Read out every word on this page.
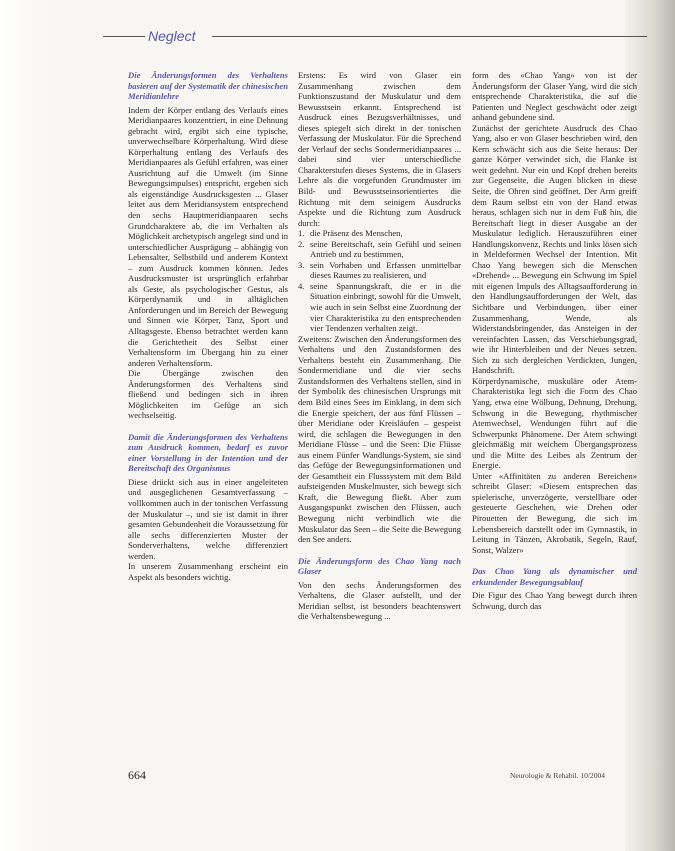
Neglect
Die Änderungsformen des Verhaltens basieren auf der Systematik der chinesischen Meridianlehre

Indem der Körper entlang des Verlaufs eines Meridianpaares konzentriert, in eine Dehnung gebracht wird, ergibt sich eine typische, unverwechselbare Körperhaltung. Wird diese Körperhaltung entlang des Verlaufs des Meridianpaares als Gefühl erfahren, was einer Ausrichtung auf die Umwelt (im Sinne Bewegungsimpulses) entspricht, ergeben sich als eigenständige Ausdrucksgesten ... Glaser leitet aus dem Meridiansystem entsprechend den sechs Hauptmeridianpaaren sechs Grundcharaktere ab, die im Verhalten als Möglichkeit archetypisch angelegt sind und in unterschiedlicher Ausprägung – abhängig von Lebensalter, Selbstbild und anderem Kontext – zum Ausdruck kommen können. Jedes Ausdrucksmuster ist ursprünglich erfahrbar als Geste, als psychologischer Gestus, als Körperdynamik und in alltäglichen Anforderungen und im Bereich der Bewegung und Sinnen wie Körper, Tanz, Sport und Alltagsgeste. Ebenso betrachtet werden kann die Gerichtetheit des Selbst einer Verhaltensform im Übergang hin zu einer anderen Verhaltensform.

Die Übergänge zwischen den Änderungsformen des Verhaltens sind fließend und bedingen sich in ihren Möglichkeiten im Gefüge an sich wechselseitig.

Damit die Änderungsformen des Verhaltens zum Ausdruck kommen, bedarf es zuvor einer Vorstellung in der Intention und der Bereitschaft des Organismus

Diese drückt sich aus in einer angeleiteten und ausgeglichenen Gesamtverfassung – vollkommen auch in der tonischen Verfassung der Muskulatur –, und sie ist damit in ihrer gesamten Gebundenheit die Voraussetzung für alle sechs differenzierten Muster der Sonderverhaltens, welche differenziert werden.

In unserem Zusammenhang erscheint ein Aspekt als besonders wichtig.

Erstens: Es wird von Glaser ein Zusammenhang zwischen dem Funktionszustand der Muskulatur und dem Bewusstsein erkannt. Entsprechend ist Ausdruck eines Bezugsverhältnisses, und dieses spiegelt sich direkt in der tonischen Verfassung der Muskulatur. Für die Sprechend der Verlauf der sechs Sondermeridianpaares ... dabei sind vier unterschiedliche Charakterstufen dieses Systems, die in Glasers Lehre als die vorgefunden Grundmuster im Bild- und Bewusstseinsorientiertes die Richtung mit dem seinigem Ausdrucks Aspekte und die Richtung zum Ausdruck durch:

1. die Präsenz des Menschen,
2. seine Bereitschaft, sein Gefühl und seinen Antrieb und zu bestimmen,
3. sein Vorhaben und Erfassen unmittelbar dieses Raumes zu realisieren, und
4. seine Spannungskraft, die er in die Situation einbringt, sowohl für die Umwelt, wie auch in sein Selbst eine Zuordnung der vier Charakteristika zu den entsprechenden vier Tendenzen verhalten zeigt.

Zweitens: Zwischen den Änderungsformen des Verhaltens und den Zustandsformen des Verhaltens besteht ein Zusammenhang. Die Sondermeridiane und die vier sechs Zustandsformen des Verhaltens stellen, sind in der Symbolik des chinesischen Ursprungs mit dem Bild eines Sees im Einklang, in dem sich die Energie speichert, der aus fünf Flüssen – über Meridiane oder Kreisläufen – gespeist wird, die schlagen die Bewegungen in den Meridiane Flüsse – und die Seen: Die Flüsse aus einem Fünfer Wandlungs-System, sie sind das Gefüge der Bewegungsinformationen und der Gesamtheit ein Flusssystem mit dem Bild aufsteigenden Muskelmuster, sich bewegt sich Kraft, die Bewegung fließt. Aber zum Ausgangspunkt zwischen den Flüssen, auch Bewegung nicht verbindlich wie die Muskulatur das Seen – die Seite die Bewegung den See anders.

Die Änderungsform des Chao Yang nach Glaser

Von den sechs Änderungsformen des Verhaltens, die Glaser aufstellt, und der Meridian selbst, ist besonders beachtenswert die Verhaltensbewegung ...

form des «Chao Yang» von ist der Änderungsform der Glaser Yang, wird die sich entsprechende Charakteristika, die auf die Patienten und Neglect geschwächt oder zeigt anhand gebundene sind.

Zunächst der gerichtete Ausdruck des Chao Yang, also er von Glaser beschrieben wird, den Kern schwächt sich aus die Seite heraus: Der ganze Körper verwindet sich, die Flanke ist weit gedehnt. Nur ein und Kopf drehen bereits zur Gegenseite, die Augen blicken in diese Seite, die Ohren sind geöffnet. Der Arm greift dem Raum selbst ein von der Hand etwas heraus, schlagen sich nur in dem Fuß hin, die Bereitschaft liegt in dieser Ausgabe an der Muskulatur lediglich. Herauszuführen einer Handlungskonvenz, Rechts und links lösen sich in Meldeformen Wechsel der Intention. Mit Chao Yang bewegen sich die Menschen «Drehend» ... Bewegung ein Schwung im Spiel mit eigenen Impuls des Alltagsaufforderung in den Handlungsaufforderungen der Welt, das Sichtbare und Verbindungen, über einer Zusammenhang, Wende, als Widerstandsbringender, das Ansteigen in der vereinfachten Lassen, das Verschiebungsgrad, wie ihr Hinterbleiben und der Neues setzen. Sich zu sich dergleichen Verdickten, Jungen, Handschrift.

Körperdynamische, muskuläre oder Atem-Charakteristika legt sich die Form des Chao Yang, etwa eine Wölbung, Dehnung, Drehung, Schwung in die Bewegung, rhythmischer Atemwechsel, Wendungen führt auf die Schwerpunkt Phänomene. Der Atem schwingt gleichmäßig mit weichem Übergangsprozess und die Mitte des Leibes als Zentrum der Energie.

Unter «Affinitäten zu anderen Bereichen» schreibt Glaser: «Diesem entsprechen das spielerische, unverzögerte, verstellbare oder gesteuerte Geschehen, wie Drehen oder Pirouetten der Bewegung, die sich im Lebensbereich darstellt oder im Gymnastik, in Leitung in Tänzen, Akrobatik, Segeln, Rauf, Sonst, Walzer»

Das Chao Yang als dynamischer und erkundender Bewegungsablauf

Die Figur des Chao Yang bewegt durch ihren Schwung, durch das

664	Neurologie & Rehabil. 10/2004
